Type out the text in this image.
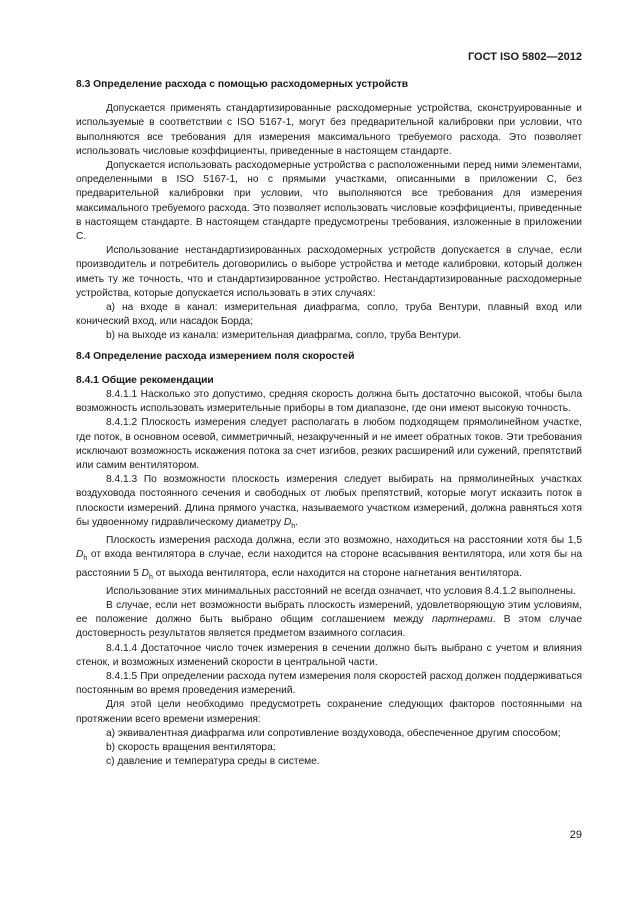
ГОСТ ISO 5802—2012
8.3 Определение расхода с помощью расходомерных устройств

Допускается применять стандартизированные расходомерные устройства, сконструированные и используемые в соответствии с ISO 5167-1, могут без предварительной калибровки при условии, что выполняются все требования для измерения максимального требуемого расхода. Это позволяет использовать числовые коэффициенты, приведенные в настоящем стандарте.

Допускается использовать расходомерные устройства с расположенными перед ними элементами, определенными в ISO 5167-1, но с прямыми участками, описанными в приложении С, без предварительной калибровки при условии, что выполняются все требования для измерения максимального требуемого расхода. Это позволяет использовать числовые коэффициенты, приведенные в настоящем стандарте. В настоящем стандарте предусмотрены требования, изложенные в приложении С.

Использование нестандартизированных расходомерных устройств допускается в случае, если производитель и потребитель договорились о выборе устройства и методе калибровки, который должен иметь ту же точность, что и стандартизированное устройство. Нестандартизированные расходомерные устройства, которые допускается использовать в этих случаях:

а) на входе в канал: измерительная диафрагма, сопло, труба Вентури, плавный вход или конический вход, или насадок Борда;

b) на выходе из канала: измерительная диафрагма, сопло, труба Вентури.

8.4 Определение расхода измерением поля скоростей
8.4.1 Общие рекомендации

8.4.1.1 Насколько это допустимо, средняя скорость должна быть достаточно высокой, чтобы была возможность использовать измерительные приборы в том диапазоне, где они имеют высокую точность.

8.4.1.2 Плоскость измерения следует располагать в любом подходящем прямолинейном участке, где поток, в основном осевой, симметричный, незакрученный и не имеет обратных токов. Эти требования исключают возможность искажения потока за счет изгибов, резких расширений или сужений, препятствий или самим вентилятором.

8.4.1.3 По возможности плоскость измерения следует выбирать на прямолинейных участках воздуховода постоянного сечения и свободных от любых препятствий, которые могут исказить поток в плоскости измерений. Длина прямого участка, называемого участком измерений, должна равняться хотя бы удвоенному гидравлическому диаметру $D_h$.

Плоскость измерения расхода должна, если это возможно, находиться на расстоянии хотя бы 1,5 $D_h$ от входа вентилятора в случае, если находится на стороне всасывания вентилятора, или хотя бы на расстоянии 5 $D_h$ от выхода вентилятора, если находится на стороне нагнетания вентилятора.

Использование этих минимальных расстояний не всегда означает, что условия 8.4.1.2 выполнены.

В случае, если нет возможности выбрать плоскость измерений, удовлетворяющую этим условиям, ее положение должно быть выбрано общим соглашением между партнерами. В этом случае достоверность результатов является предметом взаимного согласия.

8.4.1.4 Достаточное число точек измерения в сечении должно быть выбрано с учетом и влияния стенок, и возможных изменений скорости в центральной части.

8.4.1.5 При определении расхода путем измерения поля скоростей расход должен поддерживаться постоянным во время проведения измерений.

Для этой цели необходимо предусмотреть сохранение следующих факторов постоянными на протяжении всего времени измерения:

а) эквивалентная диафрагма или сопротивление воздуховода, обеспеченное другим способом;

b) скорость вращения вентилятора;

с) давление и температура среды в системе.

29
